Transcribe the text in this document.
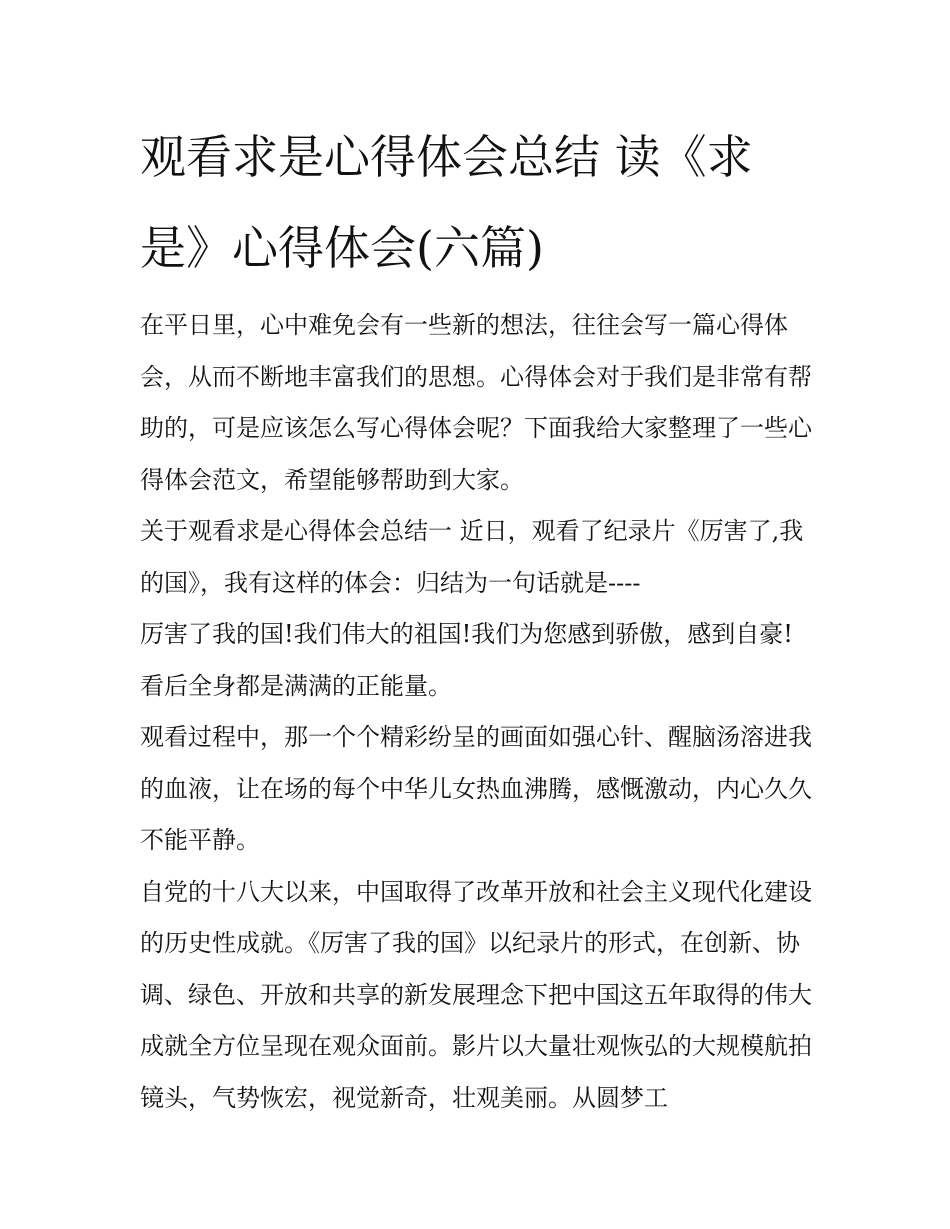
观看求是心得体会总结 读《求是》心得体会(六篇)

在平日里，心中难免会有一些新的想法，往往会写一篇心得体会，从而不断地丰富我们的思想。心得体会对于我们是非常有帮助的，可是应该怎么写心得体会呢？下面我给大家整理了一些心得体会范文，希望能够帮助到大家。

关于观看求是心得体会总结一 近日，观看了纪录片《厉害了,我的国》，我有这样的体会：归结为一句话就是----

厉害了我的国!我们伟大的祖国!我们为您感到骄傲，感到自豪!看后全身都是满满的正能量。

观看过程中，那一个个精彩纷呈的画面如强心针、醒脑汤溶进我的血液，让在场的每个中华儿女热血沸腾，感慨激动，内心久久不能平静。

自党的十八大以来，中国取得了改革开放和社会主义现代化建设的历史性成就。《厉害了我的国》以纪录片的形式，在创新、协调、绿色、开放和共享的新发展理念下把中国这五年取得的伟大成就全方位呈现在观众面前。影片以大量壮观恢弘的大规模航拍镜头，气势恢宏，视觉新奇，壮观美丽。从圆梦工
